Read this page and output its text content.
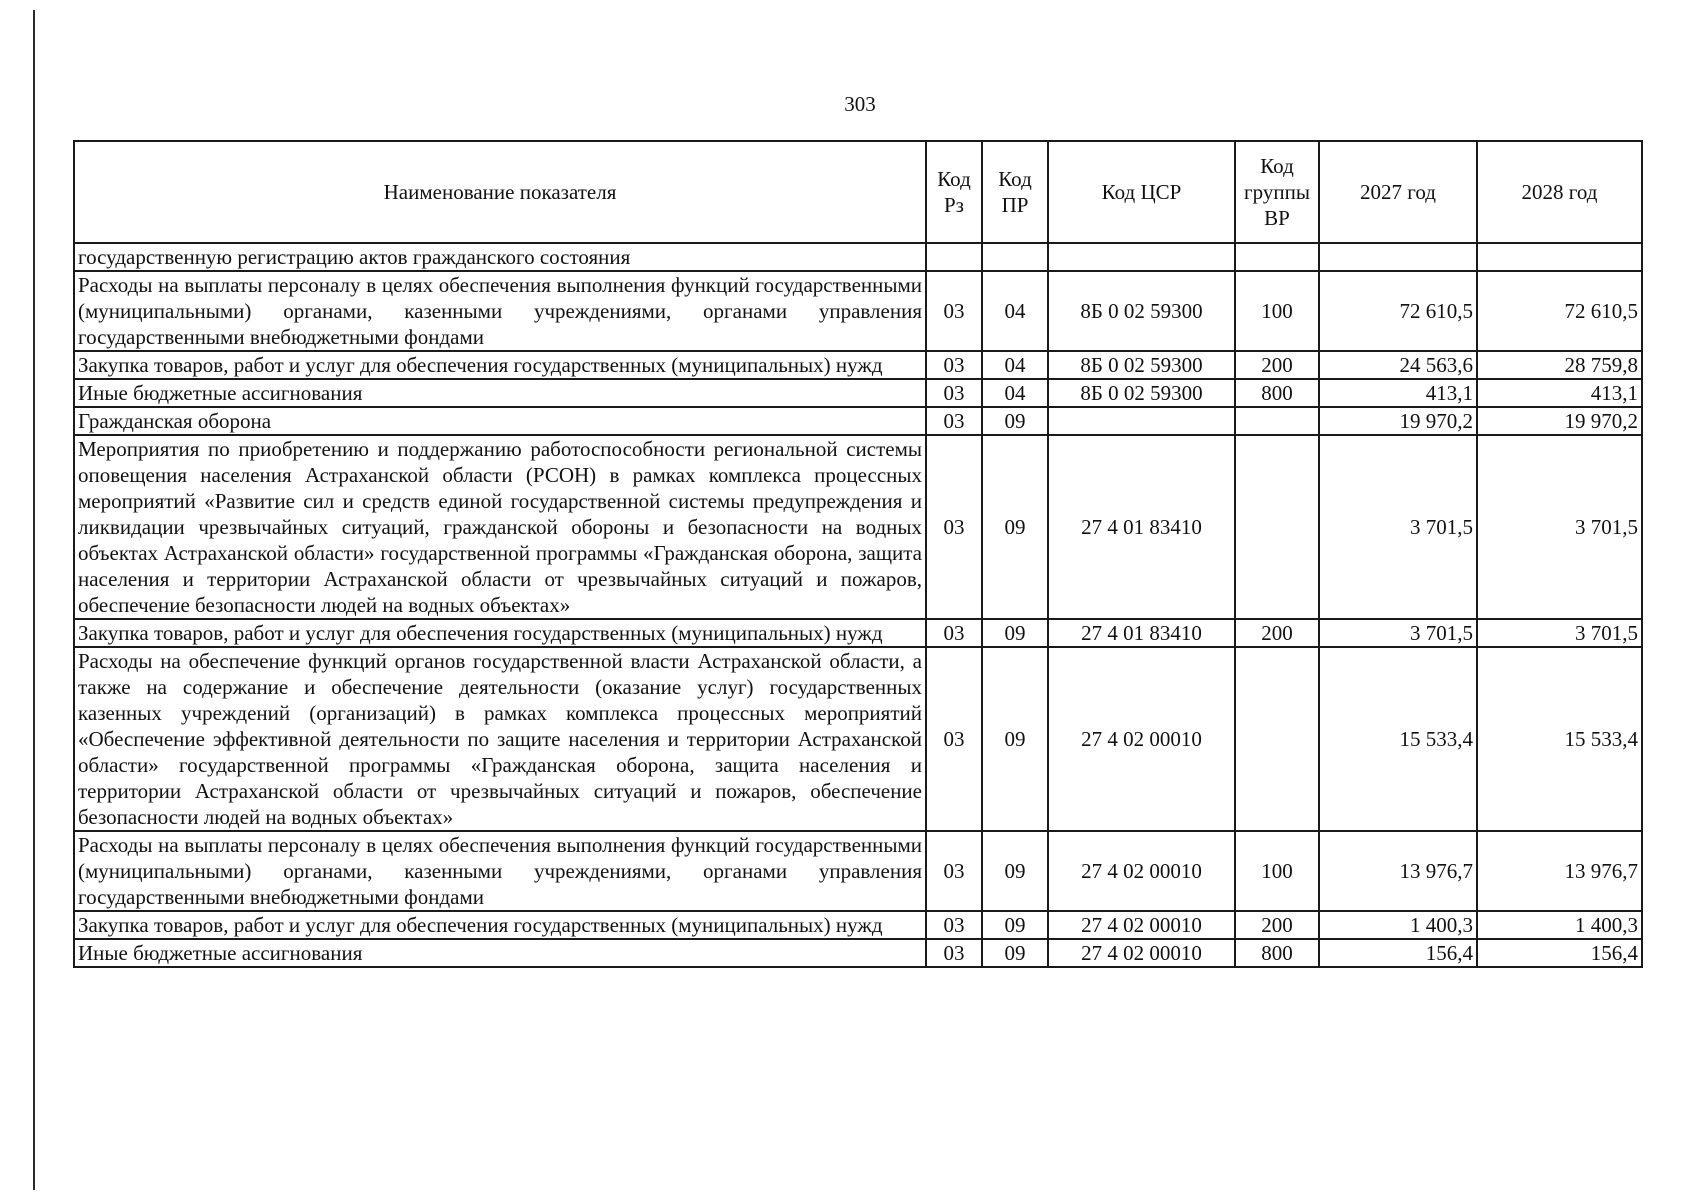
303
Наименование показателя	Код Рз	Код ПР	Код ЦСР	Код группы ВР	2027 год	2028 год
государственную регистрацию актов гражданского состояния						
Расходы на выплаты персоналу в целях обеспечения выполнения функций государственными (муниципальными) органами, казенными учреждениями, органами управления государственными внебюджетными фондами	03	04	8Б 0 02 59300	100	72 610,5	72 610,5
Закупка товаров, работ и услуг для обеспечения государственных (муниципальных) нужд	03	04	8Б 0 02 59300	200	24 563,6	28 759,8
Иные бюджетные ассигнования	03	04	8Б 0 02 59300	800	413,1	413,1
Гражданская оборона	03	09			19 970,2	19 970,2
Мероприятия по приобретению и поддержанию работоспособности региональной системы оповещения населения Астраханской области (РСОН) в рамках комплекса процессных мероприятий «Развитие сил и средств единой государственной системы предупреждения и ликвидации чрезвычайных ситуаций, гражданской обороны и безопасности на водных объектах Астраханской области» государственной программы «Гражданская оборона, защита населения и территории Астраханской области от чрезвычайных ситуаций и пожаров, обеспечение безопасности людей на водных объектах»	03	09	27 4 01 83410		3 701,5	3 701,5
Закупка товаров, работ и услуг для обеспечения государственных (муниципальных) нужд	03	09	27 4 01 83410	200	3 701,5	3 701,5
Расходы на обеспечение функций органов государственной власти Астраханской области, а также на содержание и обеспечение деятельности (оказание услуг) государственных казенных учреждений (организаций) в рамках комплекса процессных мероприятий «Обеспечение эффективной деятельности по защите населения и территории Астраханской области» государственной программы «Гражданская оборона, защита населения и территории Астраханской области от чрезвычайных ситуаций и пожаров, обеспечение безопасности людей на водных объектах»	03	09	27 4 02 00010		15 533,4	15 533,4
Расходы на выплаты персоналу в целях обеспечения выполнения функций государственными (муниципальными) органами, казенными учреждениями, органами управления государственными внебюджетными фондами	03	09	27 4 02 00010	100	13 976,7	13 976,7
Закупка товаров, работ и услуг для обеспечения государственных (муниципальных) нужд	03	09	27 4 02 00010	200	1 400,3	1 400,3
Иные бюджетные ассигнования	03	09	27 4 02 00010	800	156,4	156,4
